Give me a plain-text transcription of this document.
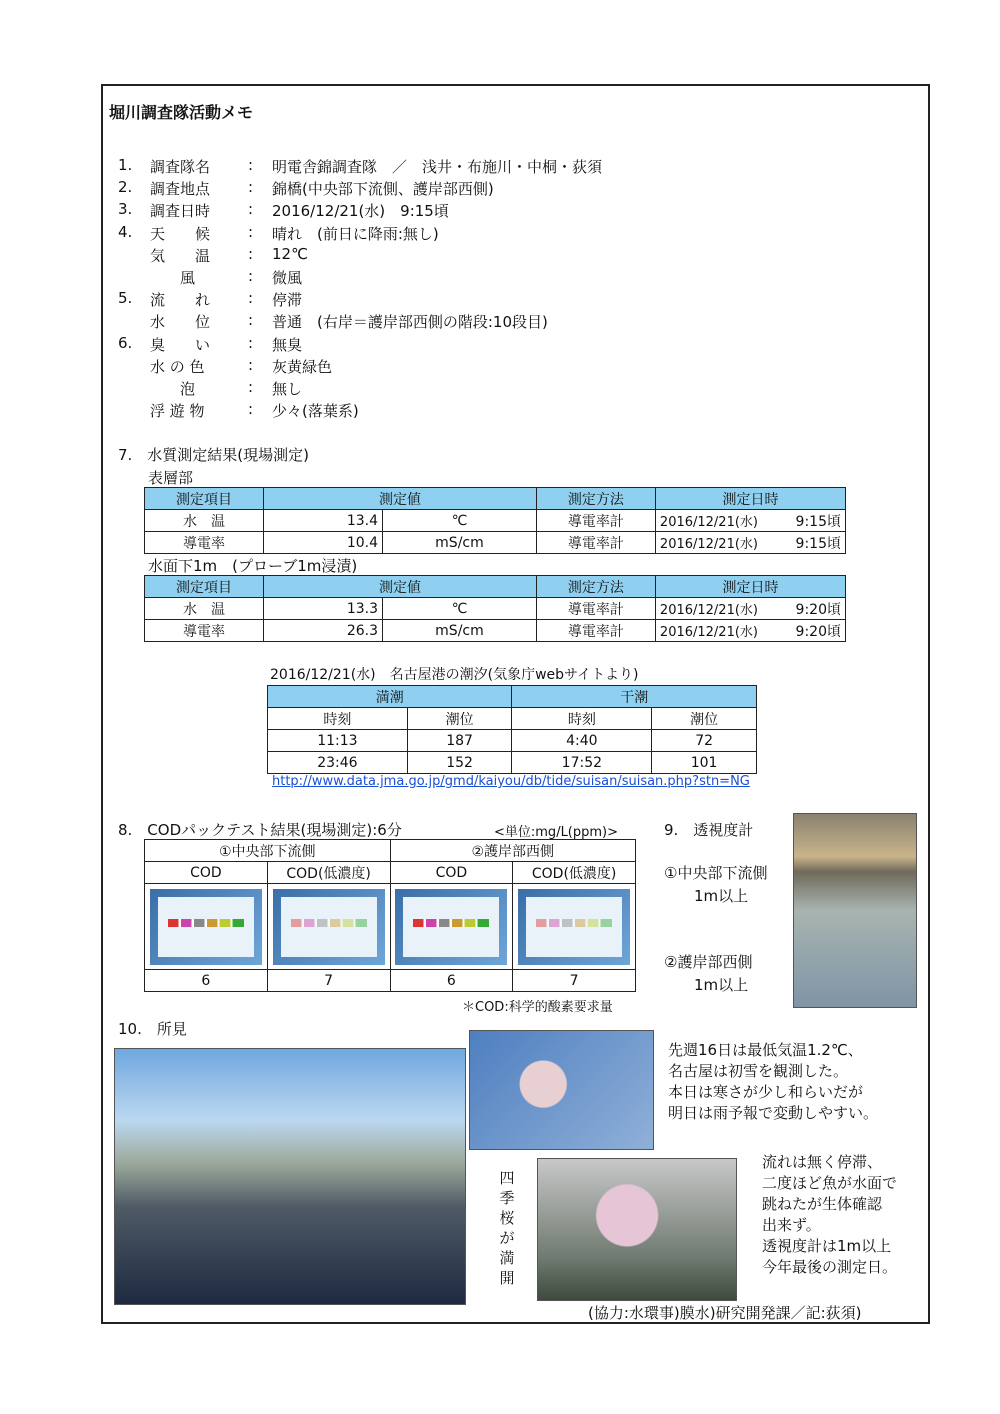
堀川調査隊活動メモ
1.	調査隊名	: 明電舎錦調査隊　／　浅井・布施川・中桐・荻須
2.	調査地点	: 錦橋(中央部下流側、護岸部西側)
3.	調査日時	: 2016/12/21(水)　9:15頃
4.	天　　候	: 晴れ　(前日に降雨:無し)
気　　温	: 12℃
　　風	: 微風
5.	流　　れ	: 停滞
水　　位	: 普通　(右岸＝護岸部西側の階段:10段目)
6.	臭　　い	: 無臭
水 の 色	: 灰黄緑色
　　泡	: 無し
浮 遊 物	: 少々(落葉系)
7.　水質測定結果(現場測定)
表層部
測定項目	測定値		測定方法	測定日時	
水　温	13.4	℃	導電率計	2016/12/21(水)	9:15頃
導電率	10.4	mS/cm	導電率計	2016/12/21(水)	9:15頃
水面下1m　(プローブ1m浸漬)
測定項目	測定値		測定方法	測定日時	
水　温	13.3	℃	導電率計	2016/12/21(水)	9:20頃
導電率	26.3	mS/cm	導電率計	2016/12/21(水)	9:20頃
2016/12/21(水)　名古屋港の潮汐(気象庁webサイトより)
満潮		干潮	
時刻	潮位	時刻	潮位
11:13	187	4:40	72
23:46	152	17:52	101
http://www.data.jma.go.jp/gmd/kaiyou/db/tide/suisan/suisan.php?stn=NG
8.　CODパックテスト結果(現場測定):6分	<単位:mg/L(ppm)>
①中央部下流側		②護岸部西側	
COD	COD(低濃度)	COD	COD(低濃度)

6	7	6	7
＊COD:科学的酸素要求量
9.　透視度計
①中央部下流側
1m以上
②護岸部西側
1m以上
10.　所見
先週16日は最低気温1.2℃、
名古屋は初雪を観測した。
本日は寒さが少し和らいだが
明日は雨予報で変動しやすい。
流れは無く停滞、
二度ほど魚が水面で
跳ねたが生体確認
出来ず。
透視度計は1m以上
今年最後の測定日。
四
季
桜
が
満
開
(協力:水環事)膜水)研究開発課／記:荻須)
